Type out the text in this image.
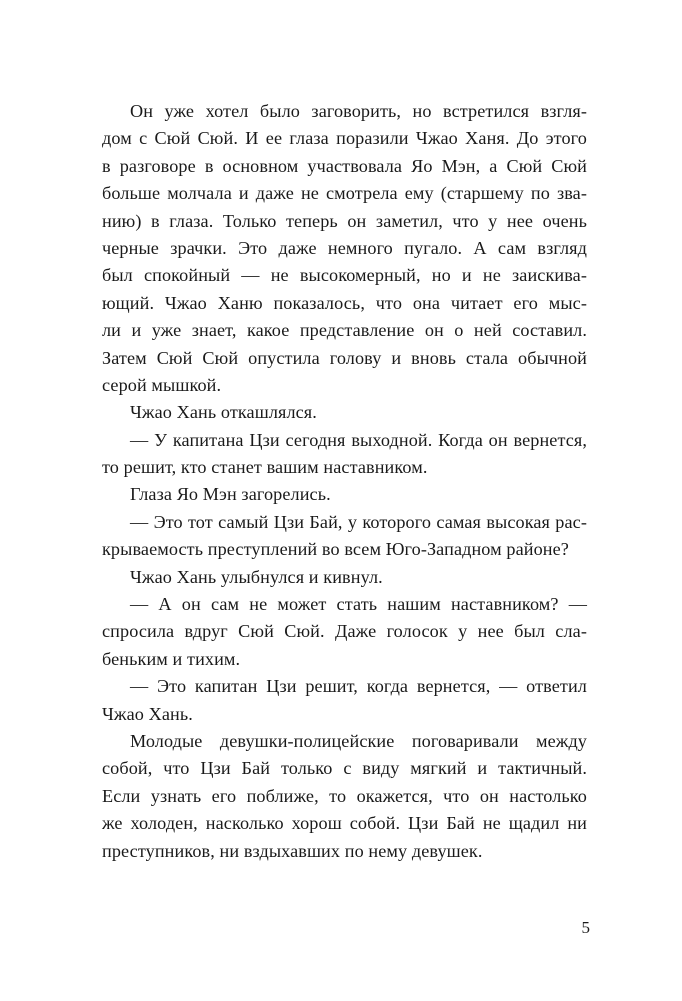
Он уже хотел было заговорить, но встретился взгля-
дом с Сюй Сюй. И ее глаза поразили Чжао Ханя. До этого
в разговоре в основном участвовала Яо Мэн, а Сюй Сюй
больше молчала и даже не смотрела ему (старшему по зва-
нию) в глаза. Только теперь он заметил, что у нее очень
черные зрачки. Это даже немного пугало. А сам взгляд
был спокойный — не высокомерный, но и не заискива-
ющий. Чжао Ханю показалось, что она читает его мыс-
ли и уже знает, какое представление он о ней составил.
Затем Сюй Сюй опустила голову и вновь стала обычной
серой мышкой.
Чжао Хань откашлялся.
— У капитана Цзи сегодня выходной. Когда он вернется,
то решит, кто станет вашим наставником.
Глаза Яо Мэн загорелись.
— Это тот самый Цзи Бай, у которого самая высокая рас-
крываемость преступлений во всем Юго-Западном районе?
Чжао Хань улыбнулся и кивнул.
— А он сам не может стать нашим наставником? —
спросила вдруг Сюй Сюй. Даже голосок у нее был сла-
беньким и тихим.
— Это капитан Цзи решит, когда вернется, — ответил
Чжао Хань.
Молодые девушки-полицейские поговаривали между
собой, что Цзи Бай только с виду мягкий и тактичный.
Если узнать его поближе, то окажется, что он настолько
же холоден, насколько хорош собой. Цзи Бай не щадил ни
преступников, ни вздыхавших по нему девушек.
5
